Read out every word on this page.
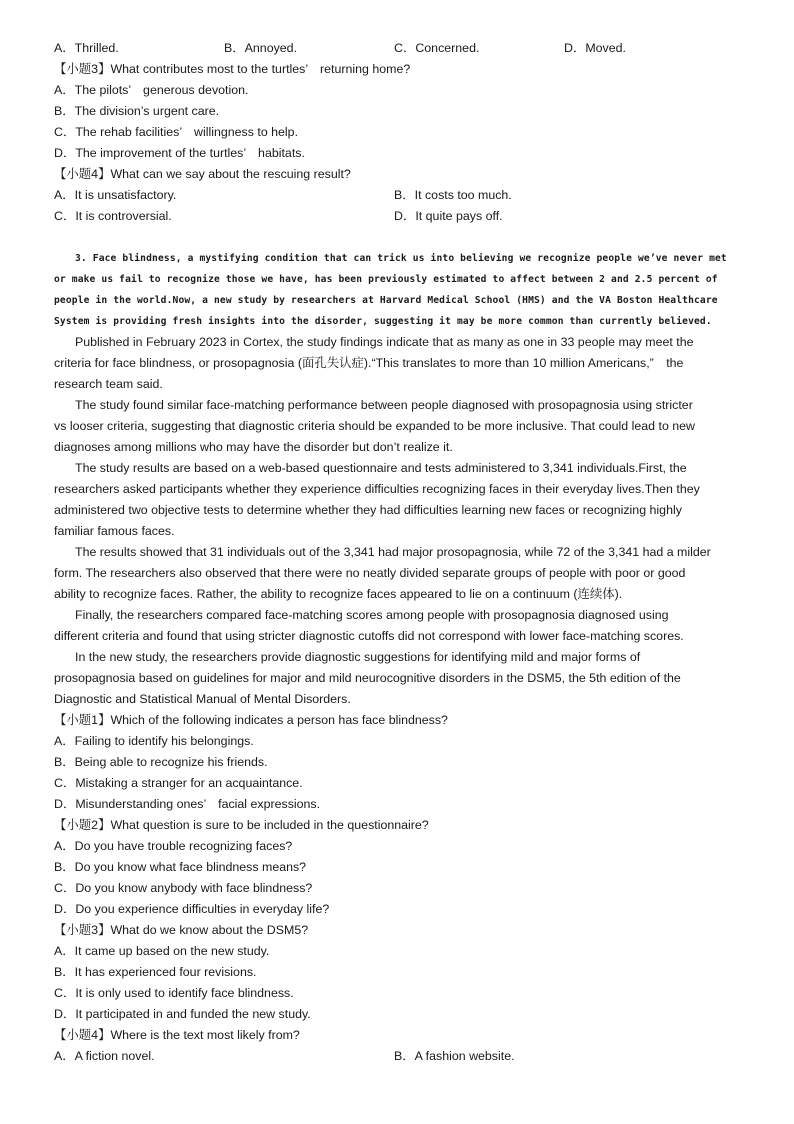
A．Thrilled.	B．Annoyed.	C．Concerned.	D．Moved.
【小题3】What contributes most to the turtles’　returning home?
A．The pilots’　generous devotion.
B．The division’s urgent care.
C．The rehab facilities’　willingness to help.
D．The improvement of the turtles’　habitats.
【小题4】What can we say about the rescuing result?
A．It is unsatisfactory.	B．It costs too much.
C．It is controversial.	D．It quite pays off.
3. Face blindness, a mystifying condition that can trick us into believing we recognize people we’ve never met
or make us fail to recognize those we have, has been previously estimated to affect between 2 and 2.5 percent of
people in the world.Now, a new study by researchers at Harvard Medical School (HMS) and the VA Boston Healthcare
System is providing fresh insights into the disorder, suggesting it may be more common than currently believed.
Published in February 2023 in Cortex, the study findings indicate that as many as one in 33 people may meet the
criteria for face blindness, or prosopagnosia (面孔失认症).“This translates to more than 10 million Americans,”　the
research team said.
The study found similar face-matching performance between people diagnosed with prosopagnosia using stricter
vs looser criteria, suggesting that diagnostic criteria should be expanded to be more inclusive. That could lead to new
diagnoses among millions who may have the disorder but don’t realize it.
The study results are based on a web-based questionnaire and tests administered to 3,341 individuals.First, the
researchers asked participants whether they experience difficulties recognizing faces in their everyday lives.Then they
administered two objective tests to determine whether they had difficulties learning new faces or recognizing highly
familiar famous faces.
The results showed that 31 individuals out of the 3,341 had major prosopagnosia, while 72 of the 3,341 had a milder
form. The researchers also observed that there were no neatly divided separate groups of people with poor or good
ability to recognize faces. Rather, the ability to recognize faces appeared to lie on a continuum (连续体).
Finally, the researchers compared face-matching scores among people with prosopagnosia diagnosed using
different criteria and found that using stricter diagnostic cutoffs did not correspond with lower face-matching scores.
In the new study, the researchers provide diagnostic suggestions for identifying mild and major forms of
prosopagnosia based on guidelines for major and mild neurocognitive disorders in the DSM5, the 5th edition of the
Diagnostic and Statistical Manual of Mental Disorders.
【小题1】Which of the following indicates a person has face blindness?
A．Failing to identify his belongings.
B．Being able to recognize his friends.
C．Mistaking a stranger for an acquaintance.
D．Misunderstanding ones’　facial expressions.
【小题2】What question is sure to be included in the questionnaire?
A．Do you have trouble recognizing faces?
B．Do you know what face blindness means?
C．Do you know anybody with face blindness?
D．Do you experience difficulties in everyday life?
【小题3】What do we know about the DSM5?
A．It came up based on the new study.
B．It has experienced four revisions.
C．It is only used to identify face blindness.
D．It participated in and funded the new study.
【小题4】Where is the text most likely from?
A．A fiction novel.	B．A fashion website.
